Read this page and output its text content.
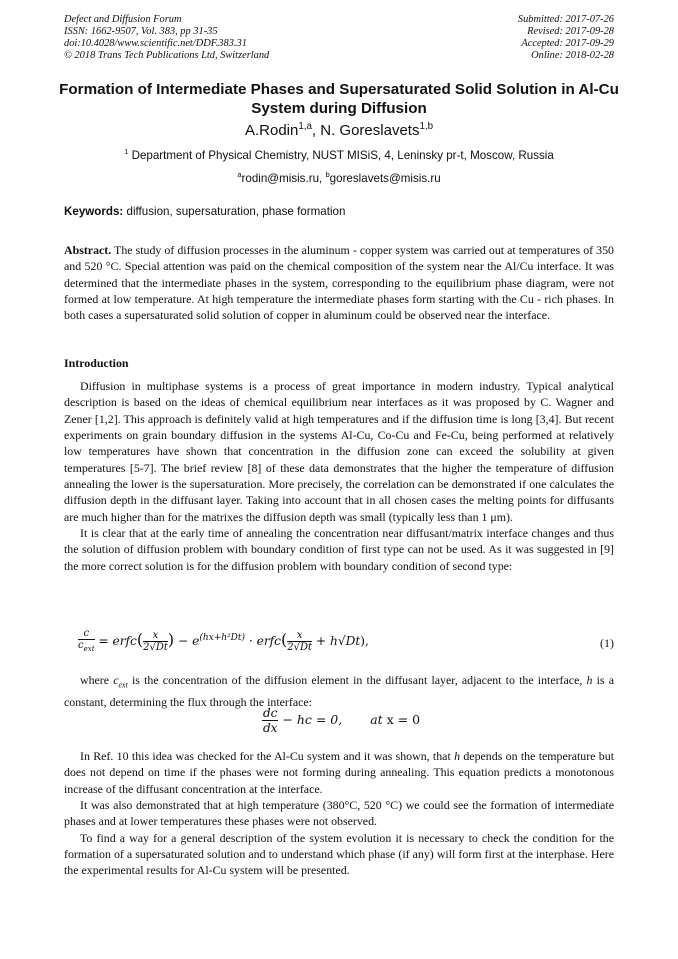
Defect and Diffusion Forum
ISSN: 1662-9507, Vol. 383, pp 31-35
doi:10.4028/www.scientific.net/DDF.383.31
© 2018 Trans Tech Publications Ltd, Switzerland
Submitted: 2017-07-26
Revised: 2017-09-28
Accepted: 2017-09-29
Online: 2018-02-28
Formation of Intermediate Phases and Supersaturated Solid Solution in Al-Cu System during Diffusion
A.Rodin$^{1,a}$, N. Goreslavets$^{1,b}$
$^1$ Department of Physical Chemistry, NUST MISiS, 4, Leninsky pr-t, Moscow, Russia
$^a$rodin@misis.ru, $^b$goreslavets@misis.ru
Keywords: diffusion, supersaturation, phase formation
Abstract. The study of diffusion processes in the aluminum - copper system was carried out at temperatures of 350 and 520 °C. Special attention was paid on the chemical composition of the system near the Al/Cu interface. It was determined that the intermediate phases in the system, corresponding to the equilibrium phase diagram, were not formed at low temperature. At high temperature the intermediate phases form starting with the Cu - rich phases. In both cases a supersaturated solid solution of copper in aluminum could be observed near the interface.
Introduction

Diffusion in multiphase systems is a process of great importance in modern industry. Typical analytical description is based on the ideas of chemical equilibrium near interfaces as it was proposed by C. Wagner and Zener [1,2]. This approach is definitely valid at high temperatures and if the diffusion time is long [3,4]. But recent experiments on grain boundary diffusion in the systems Al-Cu, Co-Cu and Fe-Cu, being performed at relatively low temperatures have shown that concentration in the diffusion zone can exceed the solubility at given temperatures [5-7]. The brief review [8] of these data demonstrates that the higher the temperature of diffusion annealing the lower is the supersaturation. More precisely, the correlation can be demonstrated if one calculates the diffusion depth in the diffusant layer. Taking into account that in all chosen cases the melting points for diffusants are much higher than for the matrixes the diffusion depth was small (typically less than 1 μm).

It is clear that at the early time of annealing the concentration near diffusant/matrix interface changes and thus the solution of diffusion problem with boundary condition of first type can not be used. As it was suggested in [9] the more correct solution is for the diffusion problem with boundary condition of second type:

$\frac{c}{c_{ext}}$ = erfc( $\frac{x}{2√Dt}$ ) − $e^{(hx+h^2Dt)}$ · erfc( $\frac{x}{2√Dt} + h√Dt$),	(1)

where $c_{ext}$ is the concentration of the diffusion element in the diffusant layer, adjacent to the interface, h is a constant, determining the flux through the interface:

$\frac{dc}{dx}$ − hc = 0, at x = 0

In Ref. 10 this idea was checked for the Al-Cu system and it was shown, that h depends on the temperature but does not depend on time if the phases were not forming during annealing. This equation predicts a monotonous increase of the diffusant concentration at the interface.

It was also demonstrated that at high temperature (380°C, 520 °C) we could see the formation of intermediate phases and at lower temperatures these phases were not observed.

To find a way for a general description of the system evolution it is necessary to check the condition for the formation of a supersaturated solution and to understand which phase (if any) will form first at the interphase. Here the experimental results for Al-Cu system will be presented.
